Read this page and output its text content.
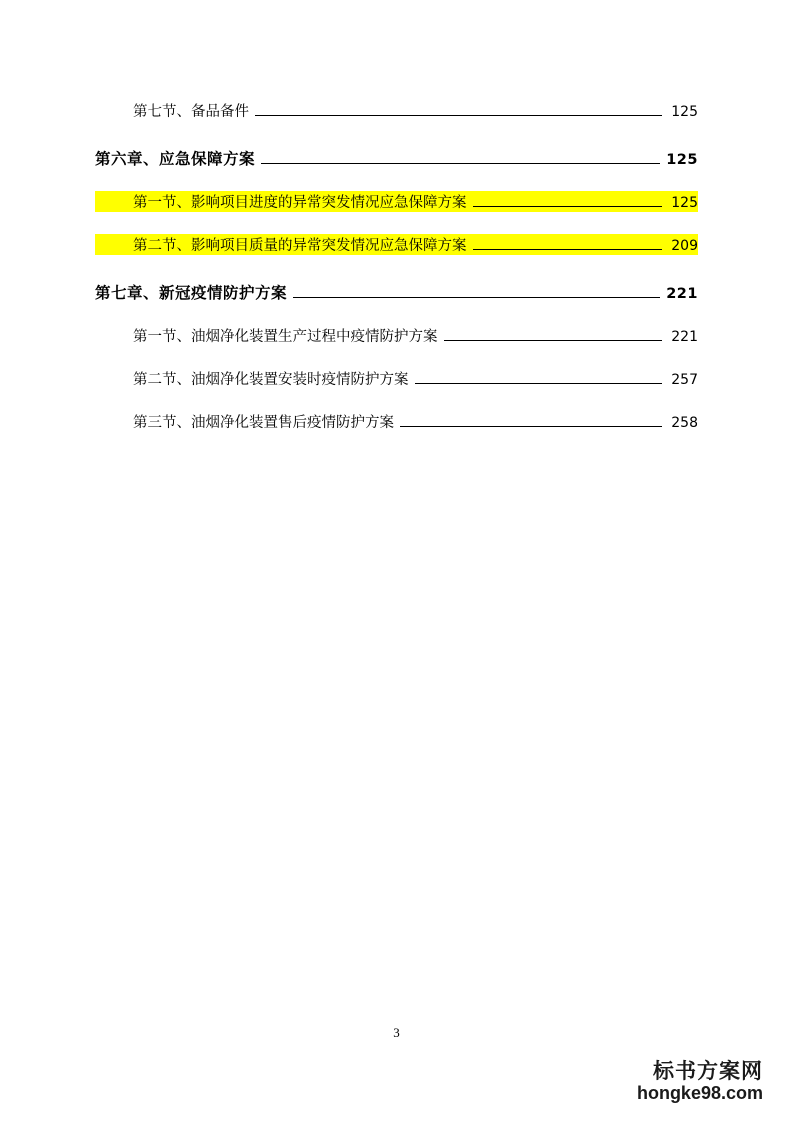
第七节、备品备件	125
第六章、应急保障方案	125
第一节、影响项目进度的异常突发情况应急保障方案	125
第二节、影响项目质量的异常突发情况应急保障方案	209
第七章、新冠疫情防护方案	221
第一节、油烟净化装置生产过程中疫情防护方案	221
第二节、油烟净化装置安装时疫情防护方案	257
第三节、油烟净化装置售后疫情防护方案	258
3
标书方案网
hongke98.com
